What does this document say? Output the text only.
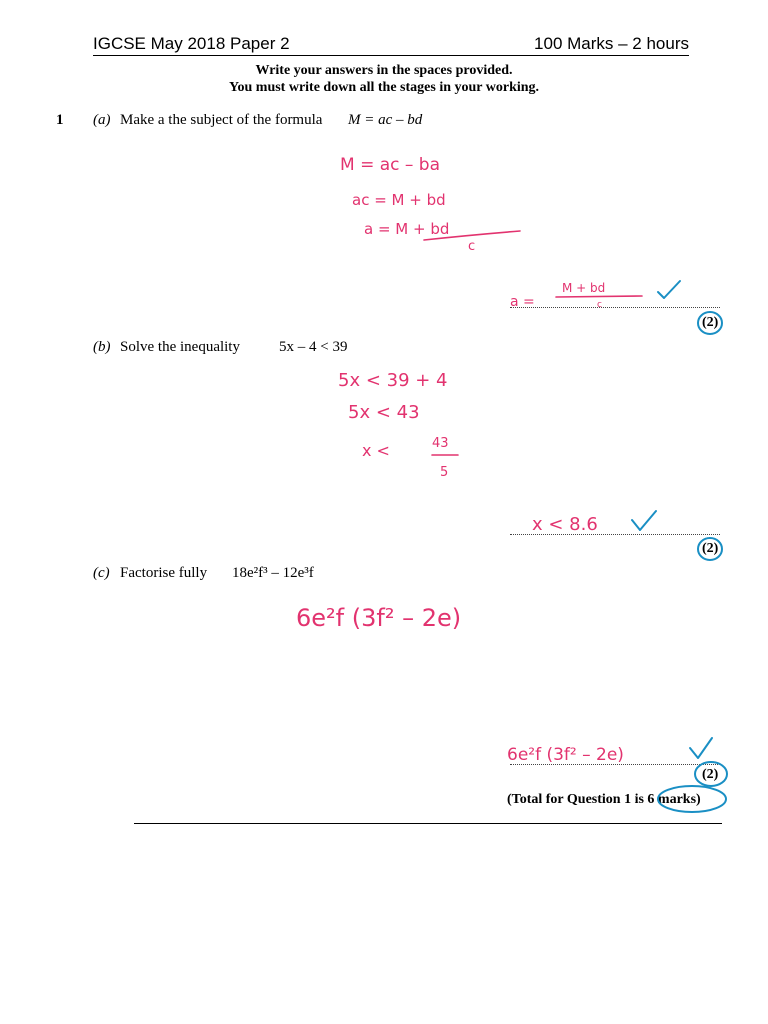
IGCSE May 2018 Paper 2	100 Marks – 2 hours
Write your answers in the spaces provided.
You must write down all the stages in your working.
1 (a) Make a the subject of the formula M = ac – bd
(2)
(b) Solve the inequality	5x – 4 < 39
(2)
(c) Factorise fully 18e²f³ – 12e³f
(2)
(Total for Question 1 is 6 marks)
M = ac – ba
ac = M + bd
a = M + bd
c
a =
M + bd
c
5x < 39 + 4
5x < 43
x <	43
5
x < 8.6
6e²f (3f² – 2e)
6e²f (3f² – 2e)
